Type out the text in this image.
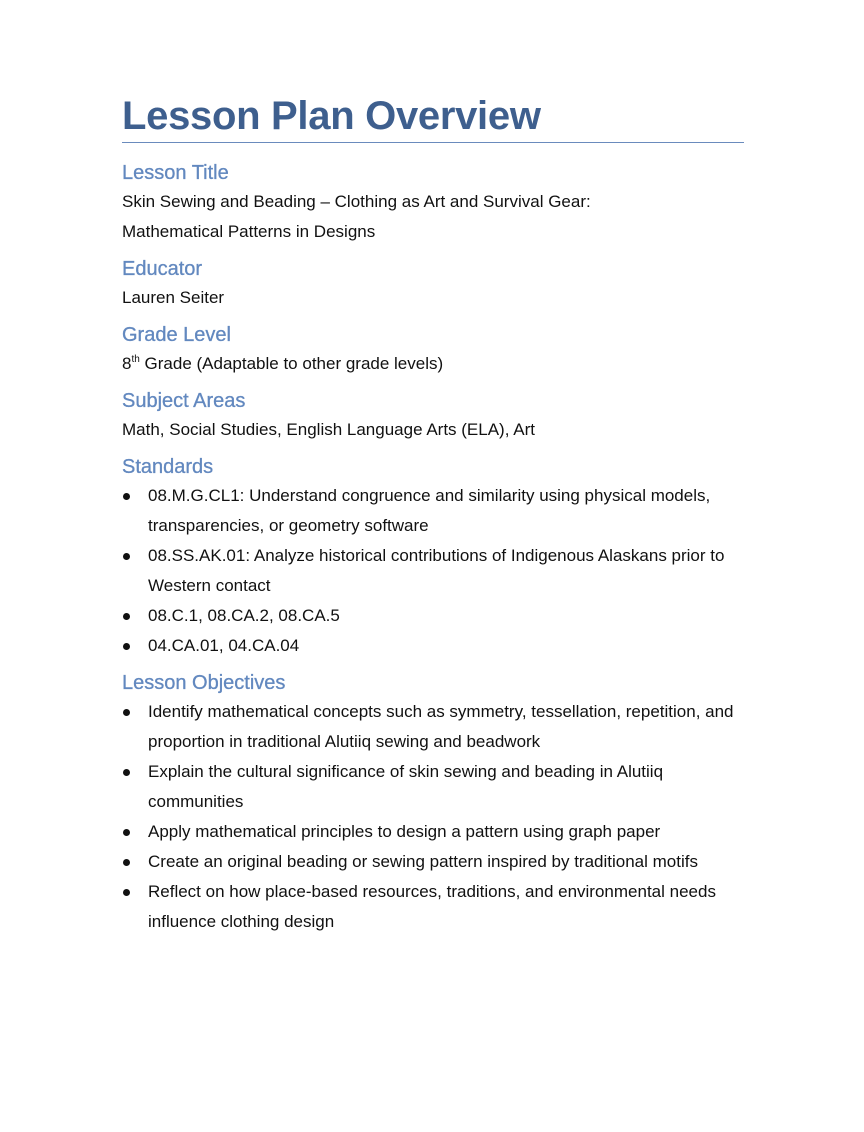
Lesson Plan Overview
Lesson Title

Skin Sewing and Beading – Clothing as Art and Survival Gear:

Mathematical Patterns in Designs

Educator

Lauren Seiter

Grade Level

8th Grade (Adaptable to other grade levels)

Subject Areas

Math, Social Studies, English Language Arts (ELA), Art

Standards
08.M.G.CL1: Understand congruence and similarity using physical models, transparencies, or geometry software
08.SS.AK.01: Analyze historical contributions of Indigenous Alaskans prior to Western contact
08.C.1, 08.CA.2, 08.CA.5
04.CA.01, 04.CA.04
Lesson Objectives
Identify mathematical concepts such as symmetry, tessellation, repetition, and proportion in traditional Alutiiq sewing and beadwork
Explain the cultural significance of skin sewing and beading in Alutiiq communities
Apply mathematical principles to design a pattern using graph paper
Create an original beading or sewing pattern inspired by traditional motifs
Reflect on how place-based resources, traditions, and environmental needs influence clothing design
